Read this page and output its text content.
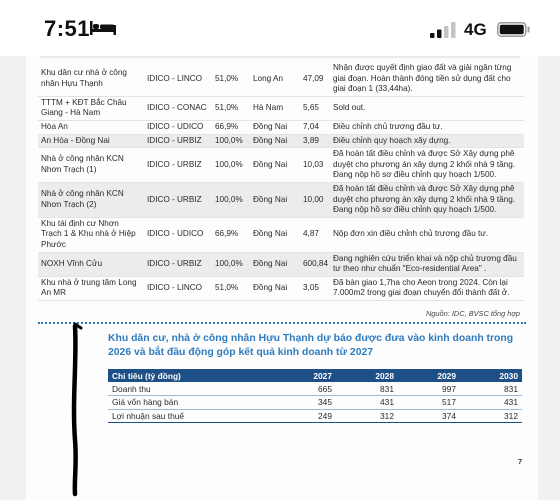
7:51	4G
Khu dân cư nhà ở công nhân Hựu Thạnh	IDICO - LINCO	51,0%	Long An	47,09	Nhận được quyết định giao đất và giải ngân từng giai đoạn. Hoàn thành đóng tiền sử dụng đất cho giai đoạn 1 (33,44ha).
TTTM + KĐT Bắc Châu Giang - Hà Nam	IDICO - CONAC	51,0%	Hà Nam	5,65	Sold out.
Hòa An	IDICO - UDICO	66,9%	Đồng Nai	7,04	Điều chỉnh chủ trương đầu tư.
An Hòa - Đồng Nai	IDICO - URBIZ	100,0%	Đồng Nai	3,89	Điều chỉnh quy hoạch xây dựng.
Nhà ở công nhân KCN Nhơn Trạch (1)	IDICO - URBIZ	100,0%	Đồng Nai	10,03	Đã hoàn tất điều chỉnh và được Sở Xây dựng phê duyệt cho phương án xây dựng 2 khối nhà 9 tầng. Đang nộp hồ sơ điều chỉnh quy hoạch 1/500.
Nhà ở công nhân KCN Nhơn Trạch (2)	IDICO - URBIZ	100,0%	Đồng Nai	10,00	Đã hoàn tất điều chỉnh và được Sở Xây dựng phê duyệt cho phương án xây dựng 2 khối nhà 9 tầng. Đang nộp hồ sơ điều chỉnh quy hoạch 1/500.
Khu tái định cư Nhơn Trạch 1 & Khu nhà ở Hiệp Phước	IDICO - UDICO	66,9%	Đồng Nai	4,87	Nộp đơn xin điều chỉnh chủ trương đầu tư.
NOXH Vĩnh Cửu	IDICO - URBIZ	100,0%	Đồng Nai	600,84	Đang nghiên cứu triển khai và nộp chủ trương đầu tư theo như chuẩn "Eco-residential Area" .
Khu nhà ở trung tâm Long An MR	IDICO - LINCO	51,0%	Đồng Nai	3,05	Đã bàn giao 1,7ha cho Aeon trong 2024. Còn lại 7.000m2 trong giai đoạn chuyển đổi thành đất ở.
Nguồn: IDC, BVSC tổng hợp
Khu dân cư, nhà ở công nhân Hựu Thạnh dự báo được đưa vào kinh doanh trong 2026 và bắt đầu động góp kết quả kinh doanh từ 2027
Chỉ tiêu (tỷ đồng)	2027	2028	2029	2030
Doanh thu	665	831	997	831
Giá vốn hàng bán	345	431	517	431
Lợi nhuận sau thuế	249	312	374	312
7
